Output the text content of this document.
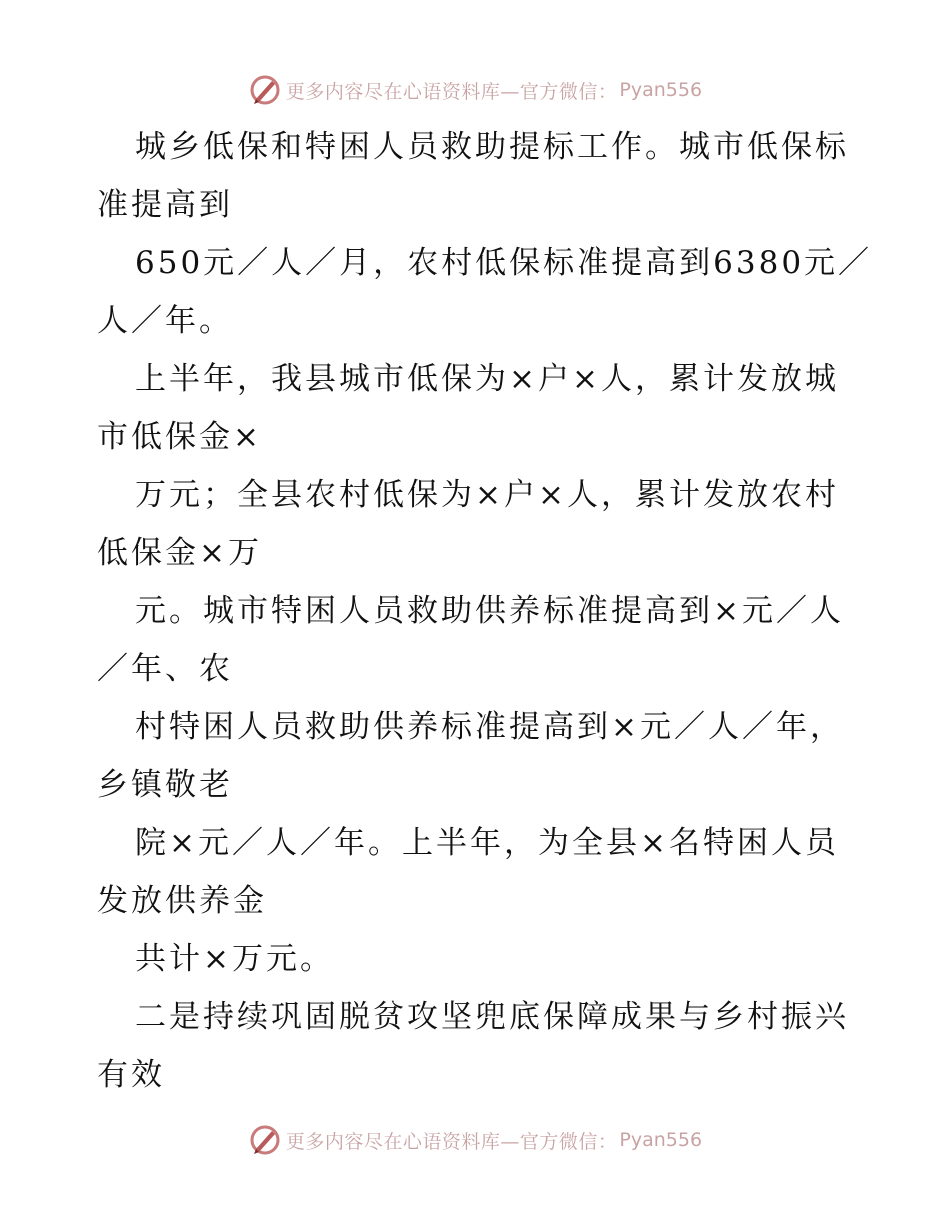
更多内容尽在心语资料库—官方微信： Pyan556
城乡低保和特困人员救助提标工作。城市低保标
准提高到
650元／人／月，农村低保标准提高到6380元／
人／年。
上半年，我县城市低保为×户×人，累计发放城
市低保金×
万元；全县农村低保为×户×人，累计发放农村
低保金×万
元。城市特困人员救助供养标准提高到×元／人
／年、农
村特困人员救助供养标准提高到×元／人／年，
乡镇敬老
院×元／人／年。上半年，为全县×名特困人员
发放供养金
共计×万元。
二是持续巩固脱贫攻坚兜底保障成果与乡村振兴
有效
更多内容尽在心语资料库—官方微信： Pyan556
